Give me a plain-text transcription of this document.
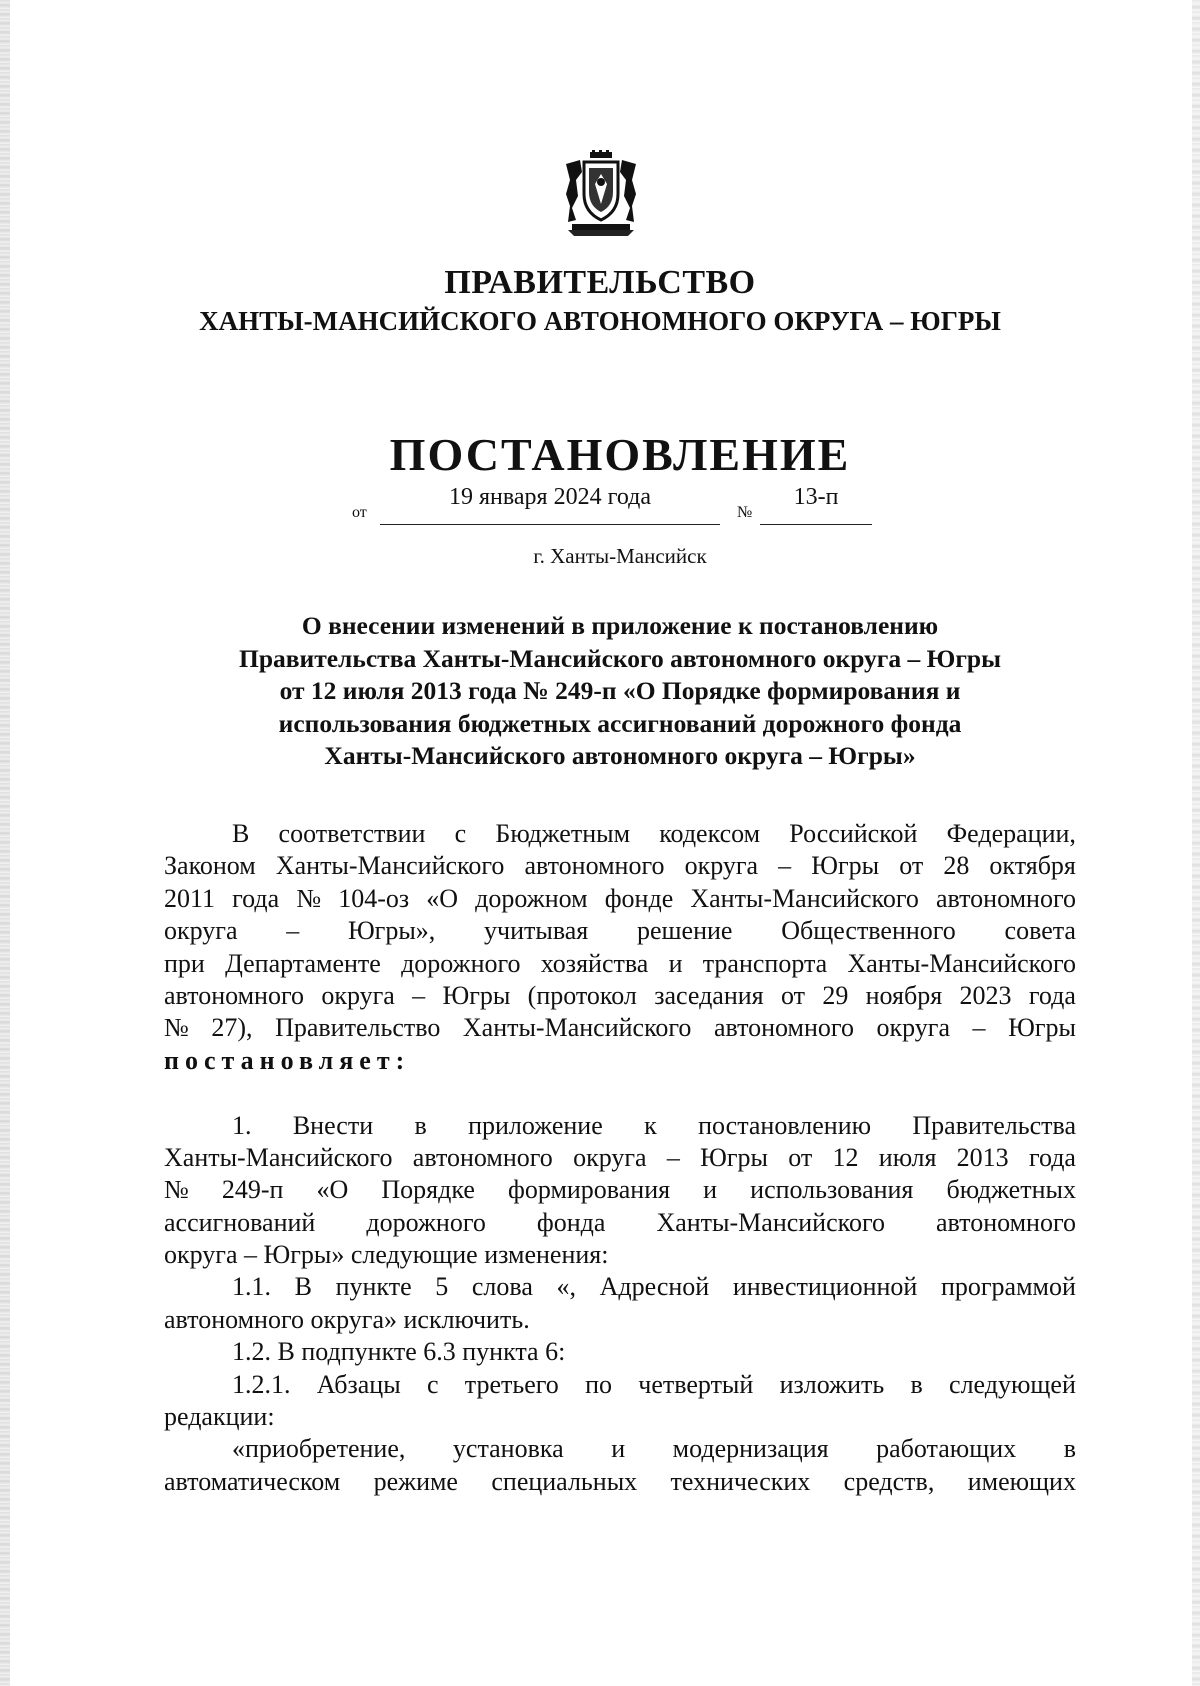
ПРАВИТЕЛЬСТВО
ХАНТЫ-МАНСИЙСКОГО АВТОНОМНОГО ОКРУГА – ЮГРЫ
ПОСТАНОВЛЕНИЕ
от
19 января 2024 года
№
13-п
г. Ханты-Мансийск
О внесении изменений в приложение к постановлению
Правительства Ханты-Мансийского автономного округа – Югры
от 12 июля 2013 года № 249-п «О Порядке формирования и
использования бюджетных ассигнований дорожного фонда
Ханты-Мансийского автономного округа – Югры»
В соответствии с Бюджетным кодексом Российской Федерации,
Законом Ханты-Мансийского автономного округа – Югры от 28 октября
2011 года № 104-оз «О дорожном фонде Ханты-Мансийского автономного
округа – Югры», учитывая решение Общественного совета
при Департаменте дорожного хозяйства и транспорта Ханты-Мансийского
автономного округа – Югры (протокол заседания от 29 ноября 2023 года
№ 27), Правительство Ханты-Мансийского автономного округа – Югры
постановляет:
1. Внести в приложение к постановлению Правительства
Ханты-Мансийского автономного округа – Югры от 12 июля 2013 года
№ 249-п «О Порядке формирования и использования бюджетных
ассигнований дорожного фонда Ханты-Мансийского автономного
округа – Югры» следующие изменения:
1.1. В пункте 5 слова «, Адресной инвестиционной программой
автономного округа» исключить.
1.2. В подпункте 6.3 пункта 6:
1.2.1. Абзацы с третьего по четвертый изложить в следующей
редакции:
«приобретение, установка и модернизация работающих в
автоматическом режиме специальных технических средств, имеющих
